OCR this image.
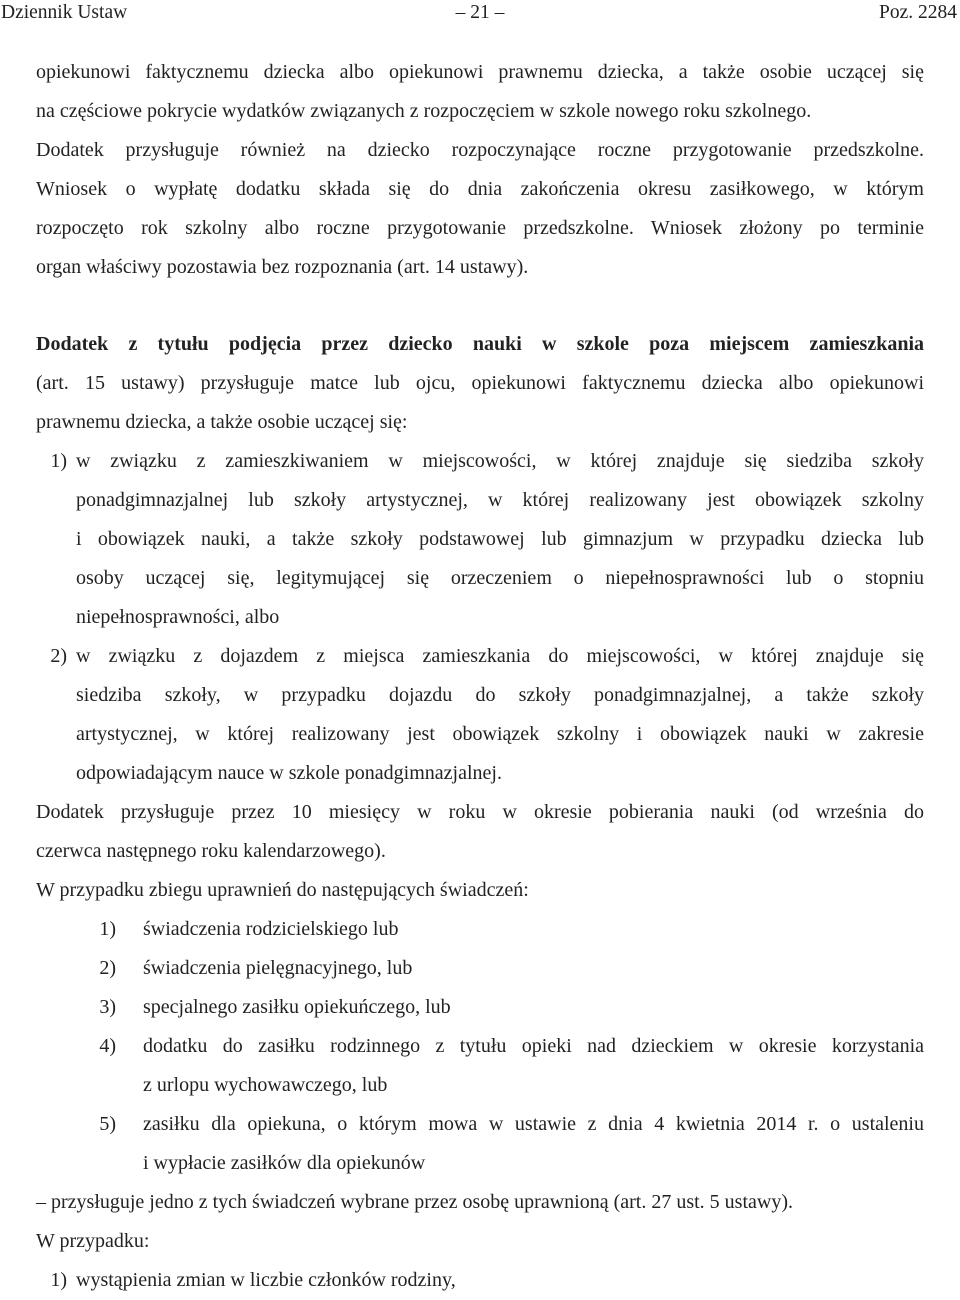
Dziennik Ustaw	– 21 –	Poz. 2284
opiekunowi faktycznemu dziecka albo opiekunowi prawnemu dziecka, a także osobie uczącej się
na częściowe pokrycie wydatków związanych z rozpoczęciem w szkole nowego roku szkolnego.
Dodatek przysługuje również na dziecko rozpoczynające roczne przygotowanie przedszkolne.
Wniosek o wypłatę dodatku składa się do dnia zakończenia okresu zasiłkowego, w którym
rozpoczęto rok szkolny albo roczne przygotowanie przedszkolne. Wniosek złożony po terminie
organ właściwy pozostawia bez rozpoznania (art. 14 ustawy).
Dodatek z tytułu podjęcia przez dziecko nauki w szkole poza miejscem zamieszkania
(art. 15 ustawy) przysługuje matce lub ojcu, opiekunowi faktycznemu dziecka albo opiekunowi
prawnemu dziecka, a także osobie uczącej się:
1) w związku z zamieszkiwaniem w miejscowości, w której znajduje się siedziba szkoły
ponadgimnazjalnej lub szkoły artystycznej, w której realizowany jest obowiązek szkolny
i obowiązek nauki, a także szkoły podstawowej lub gimnazjum w przypadku dziecka lub
osoby uczącej się, legitymującej się orzeczeniem o niepełnosprawności lub o stopniu
niepełnosprawności, albo
2) w związku z dojazdem z miejsca zamieszkania do miejscowości, w której znajduje się
siedziba szkoły, w przypadku dojazdu do szkoły ponadgimnazjalnej, a także szkoły
artystycznej, w której realizowany jest obowiązek szkolny i obowiązek nauki w zakresie
odpowiadającym nauce w szkole ponadgimnazjalnej.
Dodatek przysługuje przez 10 miesięcy w roku w okresie pobierania nauki (od września do
czerwca następnego roku kalendarzowego).
W przypadku zbiegu uprawnień do następujących świadczeń:
1) świadczenia rodzicielskiego lub
2) świadczenia pielęgnacyjnego, lub
3) specjalnego zasiłku opiekuńczego, lub
4) dodatku do zasiłku rodzinnego z tytułu opieki nad dzieckiem w okresie korzystania
z urlopu wychowawczego, lub
5) zasiłku dla opiekuna, o którym mowa w ustawie z dnia 4 kwietnia 2014 r. o ustaleniu
i wypłacie zasiłków dla opiekunów
– przysługuje jedno z tych świadczeń wybrane przez osobę uprawnioną (art. 27 ust. 5 ustawy).
W przypadku:
1) wystąpienia zmian w liczbie członków rodziny,
